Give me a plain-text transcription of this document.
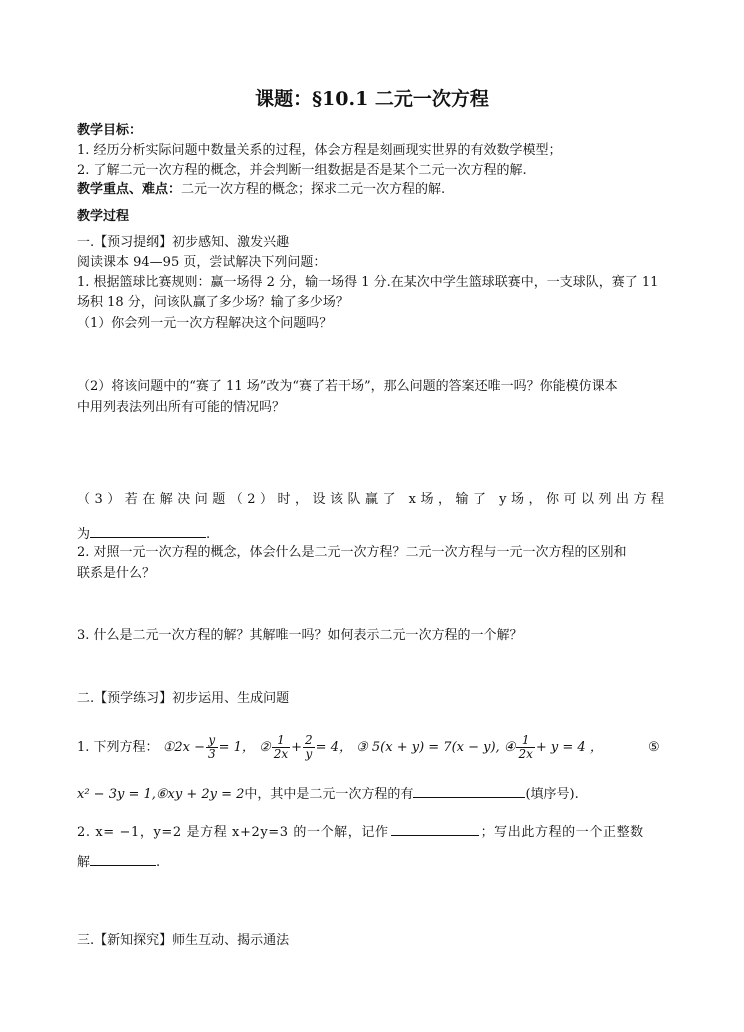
课题：§10.1 二元一次方程
教学目标：
1. 经历分析实际问题中数量关系的过程，体会方程是刻画现实世界的有效数学模型；
2. 了解二元一次方程的概念，并会判断一组数据是否是某个二元一次方程的解.
教学重点、难点：二元一次方程的概念；探求二元一次方程的解.
教学过程
一.【预习提纲】初步感知、激发兴趣
阅读课本 94—95 页，尝试解决下列问题：
1. 根据篮球比赛规则：赢一场得 2 分，输一场得 1 分.在某次中学生篮球联赛中，一支球队，赛了 11
场积 18 分，问该队赢了多少场？输了多少场？
（1）你会列一元一次方程解决这个问题吗？
（2）将该问题中的“赛了 11 场”改为“赛了若干场”，那么问题的答案还唯一吗？你能模仿课本
中用列表法列出所有可能的情况吗？
（3）若在解决问题（2）时，设该队赢了 x场，输了 y场，你可以列出方程
为	.
2. 对照一元一次方程的概念，体会什么是二元一次方程？二元一次方程与一元一次方程的区别和
联系是什么？
3. 什么是二元一次方程的解？其解唯一吗？如何表示二元一次方程的一个解？
二.【预学练习】初步运用、生成问题
1. 下列方程： ①2x − $\frac{y}{3} = 1$， ② $\frac{1}{2x} + \frac{2}{y} = 4$， ③ 5(x + y) = 7(x − y), ④ $\frac{1}{2x} + y = 4$ ，	⑤
x² − 3y = 1,⑥xy + 2y = 2中，其中是二元一次方程的有	(填序号).
2. x= −1，y=2 是方程 x+2y=3 的一个解，记作	；写出此方程的一个正整数
解	.
三.【新知探究】师生互动、揭示通法
